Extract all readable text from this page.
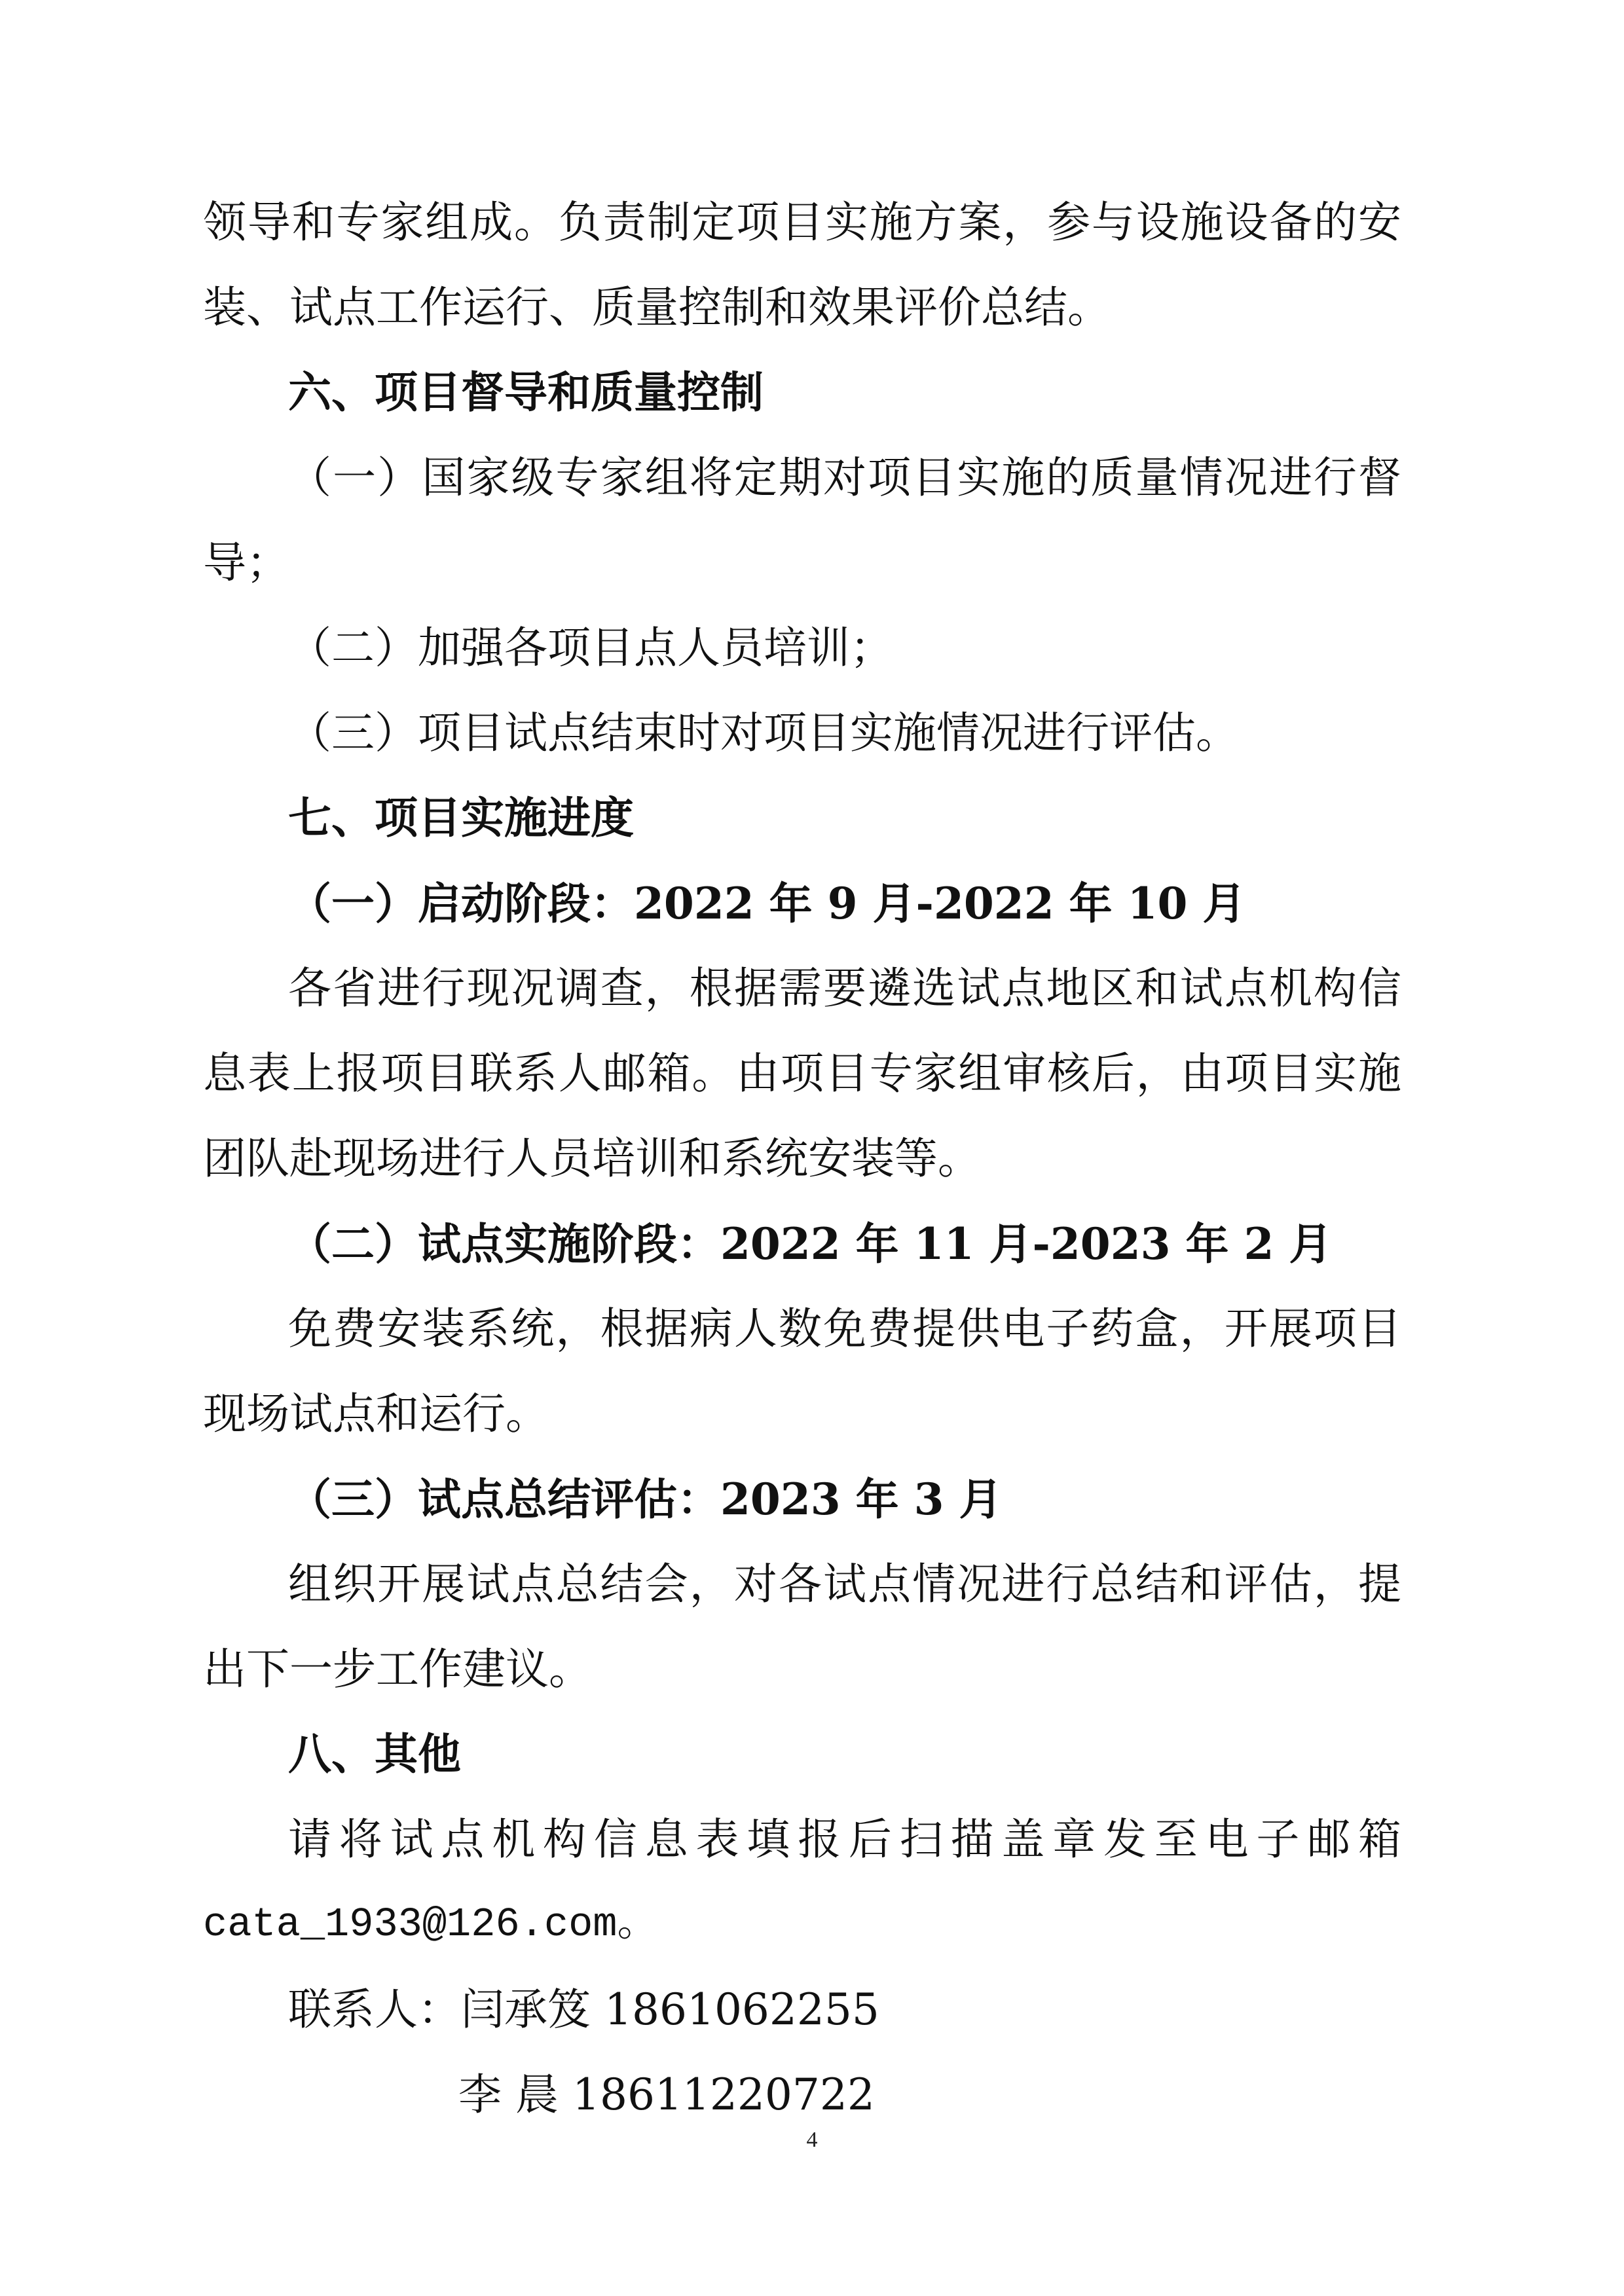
领导和专家组成。负责制定项目实施方案，参与设施设备的安
装、试点工作运行、质量控制和效果评价总结。
六、项目督导和质量控制
（一）国家级专家组将定期对项目实施的质量情况进行督
导；
（二）加强各项目点人员培训；
（三）项目试点结束时对项目实施情况进行评估。
七、项目实施进度
（一）启动阶段：2022 年 9 月-2022 年 10 月
各省进行现况调查，根据需要遴选试点地区和试点机构信
息表上报项目联系人邮箱。由项目专家组审核后，由项目实施
团队赴现场进行人员培训和系统安装等。
（二）试点实施阶段：2022 年 11 月-2023 年 2 月
免费安装系统，根据病人数免费提供电子药盒，开展项目
现场试点和运行。
（三）试点总结评估：2023 年 3 月
组织开展试点总结会，对各试点情况进行总结和评估，提
出下一步工作建议。
八、其他
请将试点机构信息表填报后扫描盖章发至电子邮箱
cata_1933@126.com。
联系人：闫承笈 1861062255
李 晨 18611220722
4
